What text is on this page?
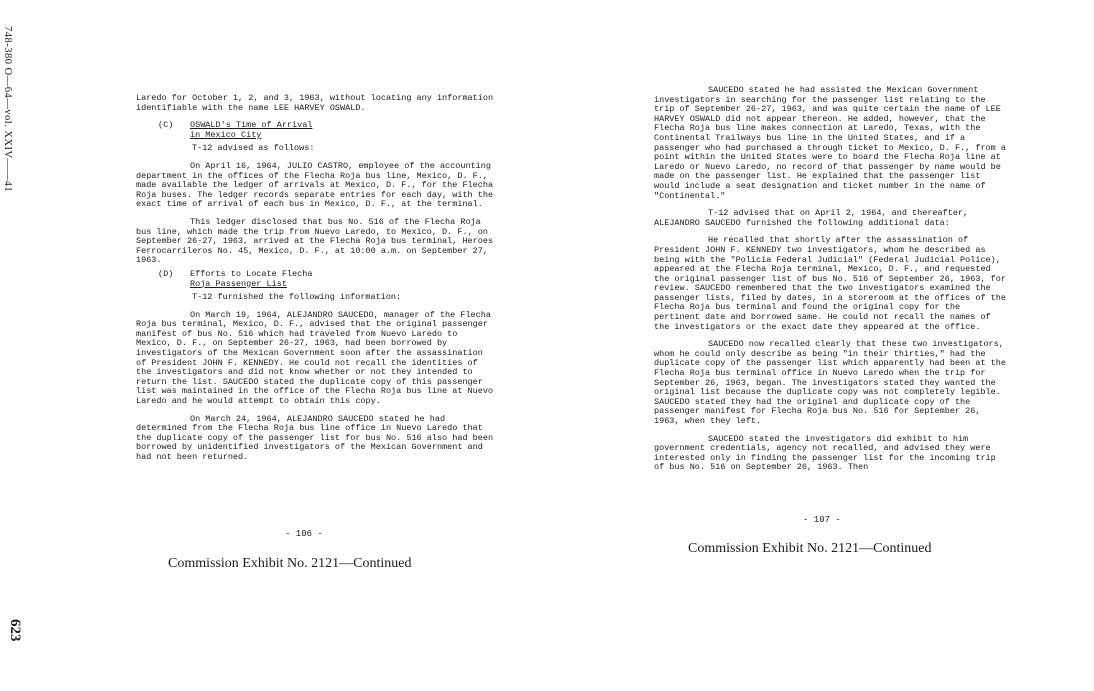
748-380 O—64—vol. XXIV——41
623

Laredo for October 1, 2, and 3, 1963, without locating any information identifiable with the name LEE HARVEY OSWALD.

(C)	OSWALD's Time of Arrival
in Mexico City

T-12 advised as follows:

On April 16, 1964, JULIO CASTRO, employee of the accounting department in the offices of the Flecha Roja bus line, Mexico, D. F., made available the ledger of arrivals at Mexico, D. F., for the Flecha Roja buses. The ledger records separate entries for each day, with the exact time of arrival of each bus in Mexico, D. F., at the terminal.

This ledger disclosed that bus No. 516 of the Flecha Roja bus line, which made the trip from Nuevo Laredo, to Mexico, D. F., on September 26-27, 1963, arrived at the Flecha Roja bus terminal, Heroes Ferrocarrileros No. 45, Mexico, D. F., at 10:00 a.m. on September 27, 1963.

(D)	Efforts to Locate Flecha
Roja Passenger List

T-12 furnished the following information:

On March 19, 1964, ALEJANDRO SAUCEDO, manager of the Flecha Roja bus terminal, Mexico, D. F., advised that the original passenger manifest of bus No. 516 which had traveled from Nuevo Laredo to Mexico, D. F., on September 26-27, 1963, had been borrowed by investigators of the Mexican Government soon after the assassination of President JOHN F. KENNEDY. He could not recall the identities of the investigators and did not know whether or not they intended to return the list. SAUCEDO stated the duplicate copy of this passenger list was maintained in the office of the Flecha Roja bus line at Nuevo Laredo and he would attempt to obtain this copy.

On March 24, 1964, ALEJANDRO SAUCEDO stated he had determined from the Flecha Roja bus line office in Nuevo Laredo that the duplicate copy of the passenger list for bus No. 516 also had been borrowed by unidentified investigators of the Mexican Government and had not been returned.

- 106 -
Commission Exhibit No. 2121—Continued

SAUCEDO stated he had assisted the Mexican Government investigators in searching for the passenger list relating to the trip of September 26-27, 1963, and was quite certain the name of LEE HARVEY OSWALD did not appear thereon. He added, however, that the Flecha Roja bus line makes connection at Laredo, Texas, with the Continental Trailways bus line in the United States, and if a passenger who had purchased a through ticket to Mexico, D. F., from a point within the United States were to board the Flecha Roja line at Laredo or Nuevo Laredo, no record of that passenger by name would be made on the passenger list. He explained that the passenger list would include a seat designation and ticket number in the name of "Continental."

T-12 advised that on April 2, 1964, and thereafter, ALEJANDRO SAUCEDO furnished the following additional data:

He recalled that shortly after the assassination of President JOHN F. KENNEDY two investigators, whom he described as being with the "Policia Federal Judicial" (Federal Judicial Police), appeared at the Flecha Roja terminal, Mexico, D. F., and requested the original passenger list of bus No. 516 of September 26, 1963, for review. SAUCEDO remembered that the two investigators examined the passenger lists, filed by dates, in a storeroom at the offices of the Flecha Roja bus terminal and found the original copy for the pertinent date and borrowed same. He could not recall the names of the investigators or the exact date they appeared at the office.

SAUCEDO now recalled clearly that these two investigators, whom he could only describe as being "in their thirties," had the duplicate copy of the passenger list which apparently had been at the Flecha Roja bus terminal office in Nuevo Laredo when the trip for September 26, 1963, began. The investigators stated they wanted the original list because the duplicate copy was not completely legible. SAUCEDO stated they had the original and duplicate copy of the passenger manifest for Flecha Roja bus No. 516 for September 26, 1963, when they left.

SAUCEDO stated the investigators did exhibit to him government credentials, agency not recalled, and advised they were interested only in finding the passenger list for the incoming trip of bus No. 516 on September 26, 1963. Then

- 107 -
Commission Exhibit No. 2121—Continued
